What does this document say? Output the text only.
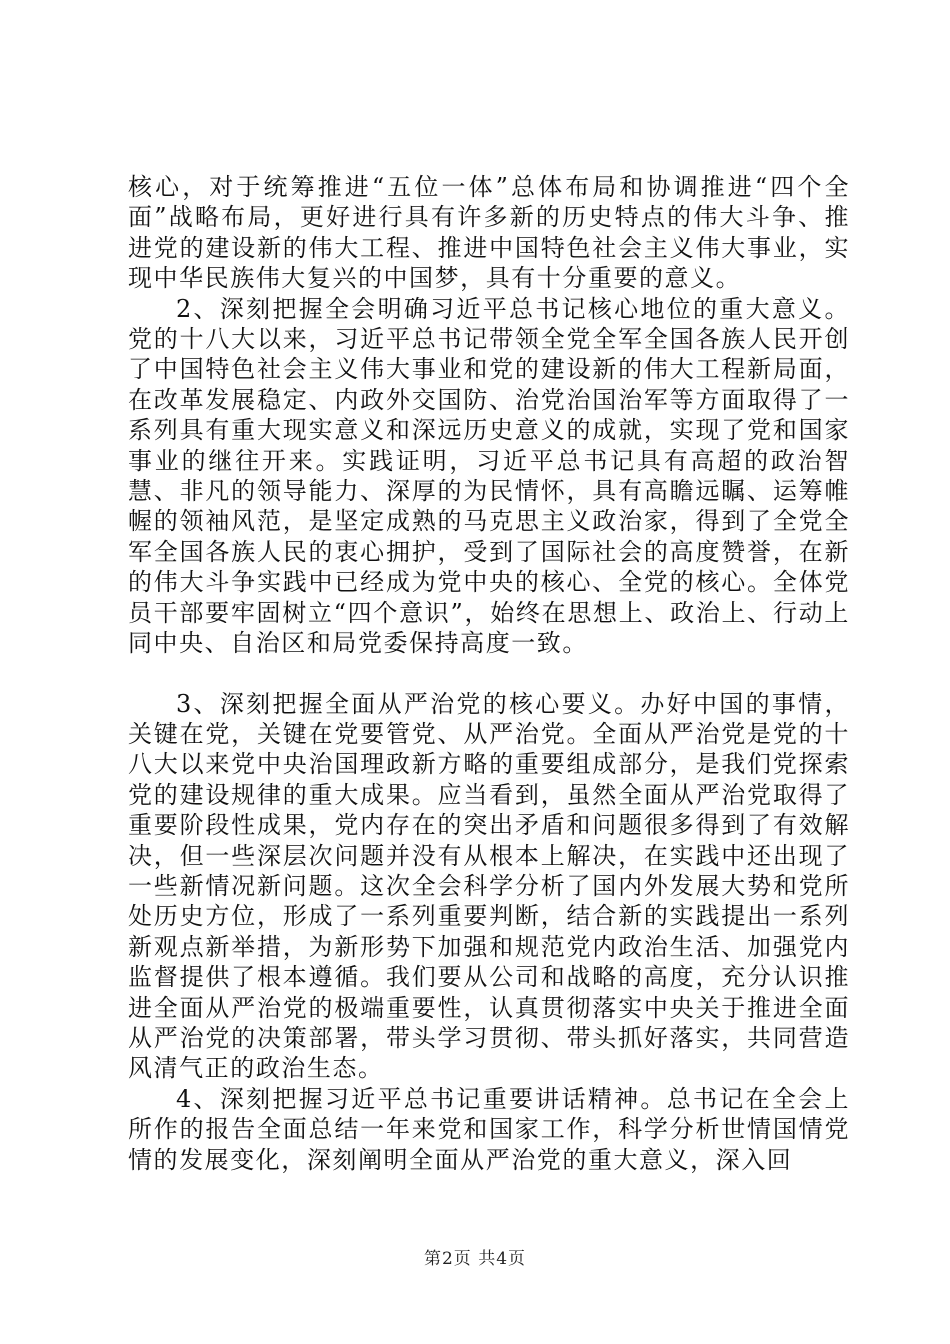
核心，对于统筹推进“五位一体”总体布局和协调推进“四个全面”战略布局，更好进行具有许多新的历史特点的伟大斗争、推进党的建设新的伟大工程、推进中国特色社会主义伟大事业，实现中华民族伟大复兴的中国梦，具有十分重要的意义。

2、深刻把握全会明确习近平总书记核心地位的重大意义。党的十八大以来，习近平总书记带领全党全军全国各族人民开创了中国特色社会主义伟大事业和党的建设新的伟大工程新局面，在改革发展稳定、内政外交国防、治党治国治军等方面取得了一系列具有重大现实意义和深远历史意义的成就，实现了党和国家事业的继往开来。实践证明，习近平总书记具有高超的政治智慧、非凡的领导能力、深厚的为民情怀，具有高瞻远瞩、运筹帷幄的领袖风范，是坚定成熟的马克思主义政治家，得到了全党全军全国各族人民的衷心拥护，受到了国际社会的高度赞誉，在新的伟大斗争实践中已经成为党中央的核心、全党的核心。全体党员干部要牢固树立“四个意识”，始终在思想上、政治上、行动上同中央、自治区和局党委保持高度一致。

3、深刻把握全面从严治党的核心要义。办好中国的事情，关键在党，关键在党要管党、从严治党。全面从严治党是党的十八大以来党中央治国理政新方略的重要组成部分，是我们党探索党的建设规律的重大成果。应当看到，虽然全面从严治党取得了重要阶段性成果，党内存在的突出矛盾和问题很多得到了有效解决，但一些深层次问题并没有从根本上解决，在实践中还出现了一些新情况新问题。这次全会科学分析了国内外发展大势和党所处历史方位，形成了一系列重要判断，结合新的实践提出一系列新观点新举措，为新形势下加强和规范党内政治生活、加强党内监督提供了根本遵循。我们要从公司和战略的高度，充分认识推进全面从严治党的极端重要性，认真贯彻落实中央关于推进全面从严治党的决策部署，带头学习贯彻、带头抓好落实，共同营造风清气正的政治生态。

4、深刻把握习近平总书记重要讲话精神。总书记在全会上所作的报告全面总结一年来党和国家工作，科学分析世情国情党情的发展变化，深刻阐明全面从严治党的重大意义，深入回

第2页 共4页
